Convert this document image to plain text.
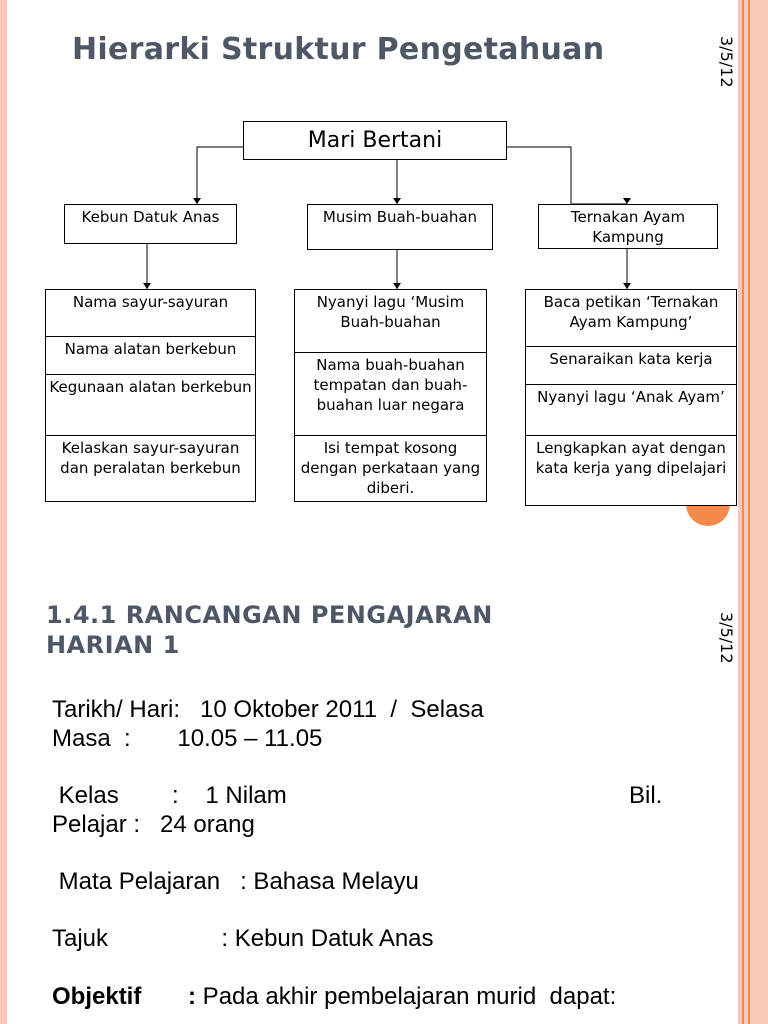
Hierarki Struktur Pengetahuan	3/5/12
Mari Bertani
Kebun Datuk Anas	Musim Buah-buahan	Ternakan Ayam Kampung
Nama sayur-sayuran
Nama alatan berkebun
Kegunaan alatan berkebun
Kelaskan sayur-sayuran dan peralatan berkebun
Nyanyi lagu ‘Musim Buah-buahan
Nama buah-buahan tempatan dan buah-buahan luar negara
Isi tempat kosong dengan perkataan yang diberi.
Baca petikan ‘Ternakan Ayam Kampung’
Senaraikan kata kerja
Nyanyi lagu ‘Anak Ayam’
Lengkapkan ayat dengan kata kerja yang dipelajari
1.4.1 RANCANGAN PENGAJARAN
HARIAN 1	3/5/12
Tarikh/ Hari:   10 Oktober 2011  /  Selasa
Masa  :       10.05 – 11.05
Kelas        :    1 Nilam	Bil.
Pelajar :   24 orang
Mata Pelajaran   : Bahasa Melayu
Tajuk                 : Kebun Datuk Anas
Objektif       : Pada akhir pembelajaran murid  dapat:
